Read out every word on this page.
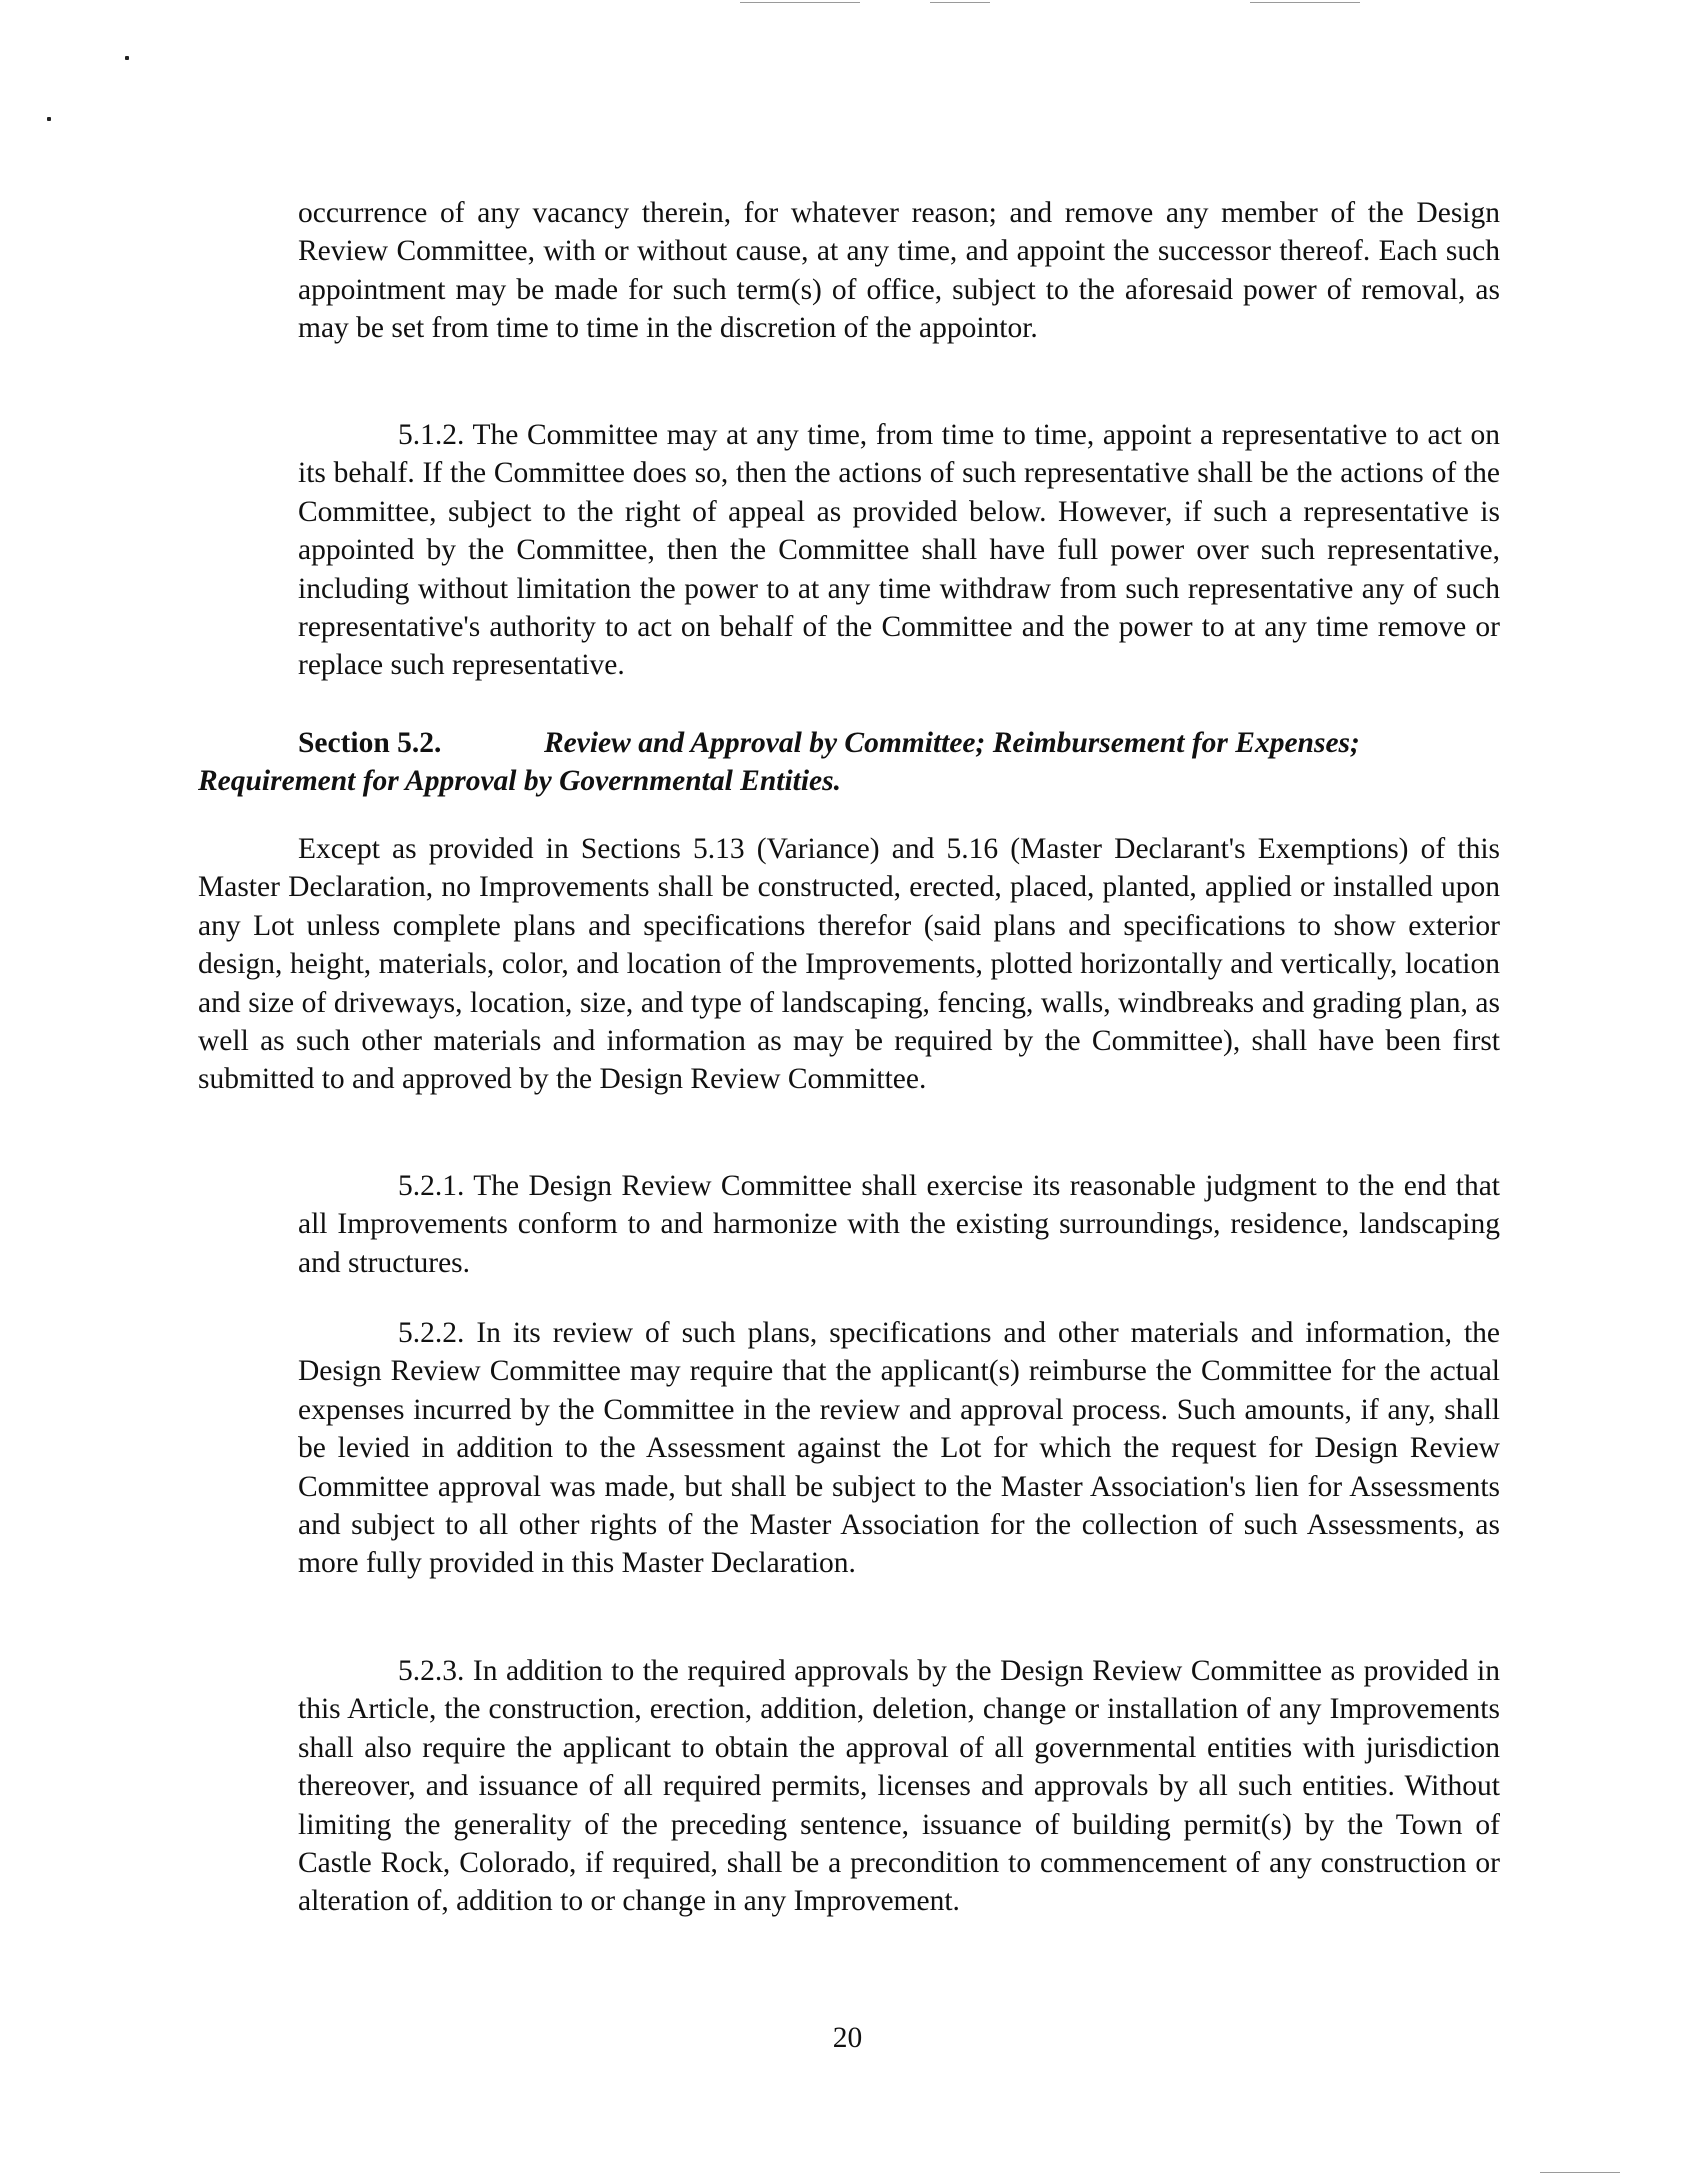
occurrence of any vacancy therein, for whatever reason; and remove any member of the Design Review Committee, with or without cause, at any time, and appoint the successor thereof. Each such appointment may be made for such term(s) of office, subject to the aforesaid power of removal, as may be set from time to time in the discretion of the appointor.

5.1.2. The Committee may at any time, from time to time, appoint a representative to act on its behalf. If the Committee does so, then the actions of such representative shall be the actions of the Committee, subject to the right of appeal as provided below. However, if such a representative is appointed by the Committee, then the Committee shall have full power over such representative, including without limitation the power to at any time withdraw from such representative any of such representative's authority to act on behalf of the Committee and the power to at any time remove or replace such representative.

Section 5.2.	Review and Approval by Committee; Reimbursement for Expenses; Requirement for Approval by Governmental Entities.

Except as provided in Sections 5.13 (Variance) and 5.16 (Master Declarant's Exemptions) of this Master Declaration, no Improvements shall be constructed, erected, placed, planted, applied or installed upon any Lot unless complete plans and specifications therefor (said plans and specifications to show exterior design, height, materials, color, and location of the Improvements, plotted horizontally and vertically, location and size of driveways, location, size, and type of landscaping, fencing, walls, windbreaks and grading plan, as well as such other materials and information as may be required by the Committee), shall have been first submitted to and approved by the Design Review Committee.

5.2.1. The Design Review Committee shall exercise its reasonable judgment to the end that all Improvements conform to and harmonize with the existing surroundings, residence, landscaping and structures.

5.2.2. In its review of such plans, specifications and other materials and information, the Design Review Committee may require that the applicant(s) reimburse the Committee for the actual expenses incurred by the Committee in the review and approval process. Such amounts, if any, shall be levied in addition to the Assessment against the Lot for which the request for Design Review Committee approval was made, but shall be subject to the Master Association's lien for Assessments and subject to all other rights of the Master Association for the collection of such Assessments, as more fully provided in this Master Declaration.

5.2.3. In addition to the required approvals by the Design Review Committee as provided in this Article, the construction, erection, addition, deletion, change or installation of any Improvements shall also require the applicant to obtain the approval of all governmental entities with jurisdiction thereover, and issuance of all required permits, licenses and approvals by all such entities. Without limiting the generality of the preceding sentence, issuance of building permit(s) by the Town of Castle Rock, Colorado, if required, shall be a precondition to commencement of any construction or alteration of, addition to or change in any Improvement.

20
